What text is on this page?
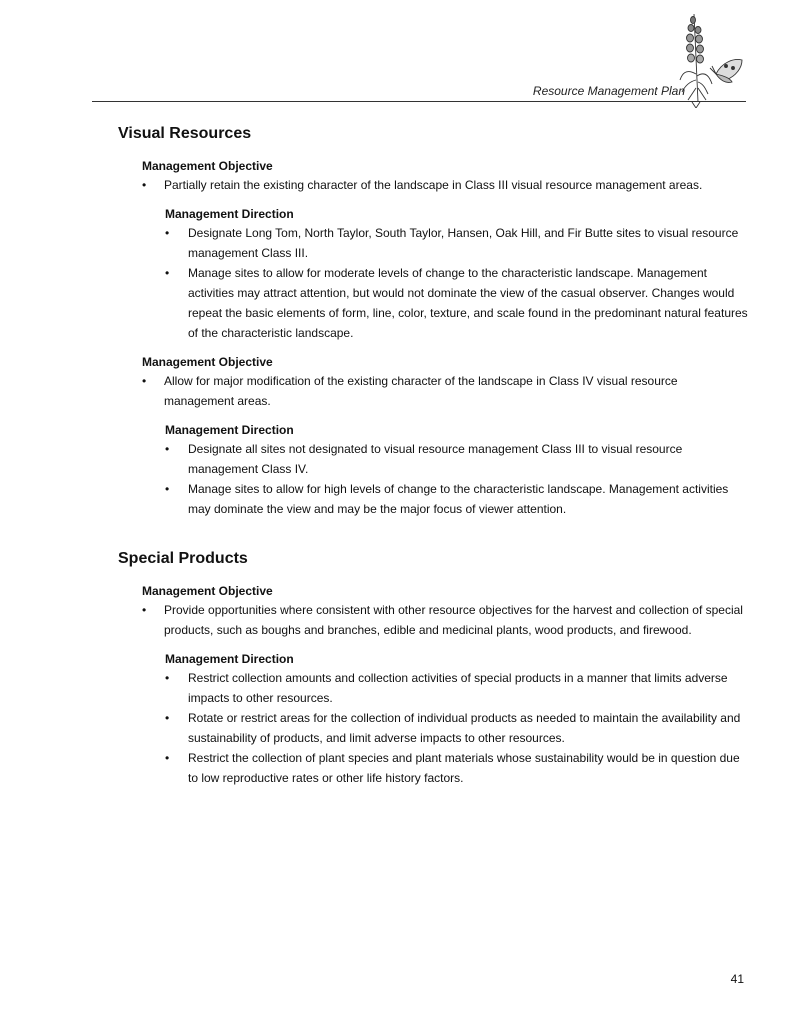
Resource Management Plan
Visual Resources
Management Objective
• Partially retain the existing character of the landscape in Class III visual resource management areas.
Management Direction
• Designate Long Tom, North Taylor, South Taylor, Hansen, Oak Hill, and Fir Butte sites to visual resource management Class III.
• Manage sites to allow for moderate levels of change to the characteristic landscape. Management activities may attract attention, but would not dominate the view of the casual observer. Changes would repeat the basic elements of form, line, color, texture, and scale found in the predominant natural features of the characteristic landscape.
Management Objective
• Allow for major modification of the existing character of the landscape in Class IV visual resource management areas.
Management Direction
• Designate all sites not designated to visual resource management Class III to visual resource management Class IV.
• Manage sites to allow for high levels of change to the characteristic landscape. Management activities may dominate the view and may be the major focus of viewer attention.
Special Products
Management Objective
• Provide opportunities where consistent with other resource objectives for the harvest and collection of special products, such as boughs and branches, edible and medicinal plants, wood products, and firewood.
Management Direction
• Restrict collection amounts and collection activities of special products in a manner that limits adverse impacts to other resources.
• Rotate or restrict areas for the collection of individual products as needed to maintain the availability and sustainability of products, and limit adverse impacts to other resources.
• Restrict the collection of plant species and plant materials whose sustainability would be in question due to low reproductive rates or other life history factors.
41
